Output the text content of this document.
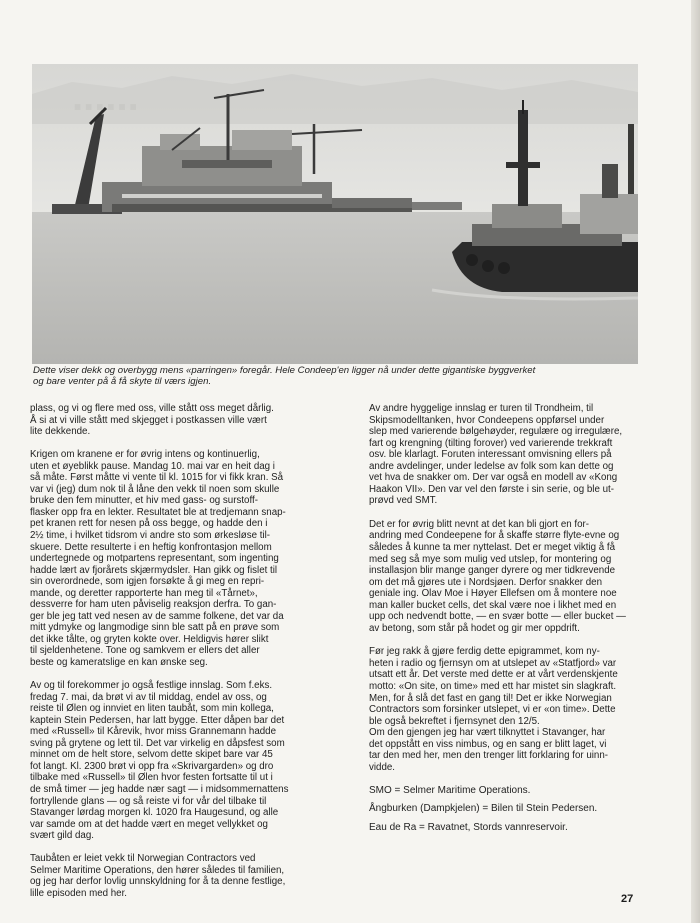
......

Dette viser dekk og overbygg mens «parringen» foregår. Hele Condeep'en ligger nå under dette gigantiske byggverket
og bare venter på å få skyte til værs igjen.

plass, og vi og flere med oss, ville stått oss meget dårlig.
Å si at vi ville stått med skjegget i postkassen ville vært
lite dekkende.

Krigen om kranene er for øvrig intens og kontinuerlig,
uten et øyeblikk pause. Mandag 10. mai var en heit dag i
så måte. Først måtte vi vente til kl. 1015 for vi fikk kran. Så
var vi (jeg) dum nok til å låne den vekk til noen som skulle
bruke den fem minutter, et hiv med gass- og surstoff-
flasker opp fra en lekter. Resultatet ble at tredjemann snap-
pet kranen rett for nesen på oss begge, og hadde den i
2½ time, i hvilket tidsrom vi andre sto som ørkesløse til-
skuere. Dette resulterte i en heftig konfrontasjon mellom
undertegnede og motpartens representant, som ingenting
hadde lært av fjorårets skjærmydsler. Han gikk og fislet til
sin overordnede, som igjen forsøkte å gi meg en repri-
mande, og deretter rapporterte han meg til «Tårnet»,
dessverre for ham uten påviselig reaksjon derfra. To gan-
ger ble jeg tatt ved nesen av de samme folkene, det var da
mitt ydmyke og langmodige sinn ble satt på en prøve som
det ikke tålte, og gryten kokte over. Heldigvis hører slikt
til sjeldenhetene. Tone og samkvem er ellers det aller
beste og kameratslige en kan ønske seg.

Av og til forekommer jo også festlige innslag. Som f.eks.
fredag 7. mai, da brøt vi av til middag, endel av oss, og
reiste til Ølen og innviet en liten taubåt, som min kollega,
kaptein Stein Pedersen, har latt bygge. Etter dåpen bar det
med «Russell» til Kårevik, hvor miss Grannemann hadde
sving på grytene og lett til. Det var virkelig en dåpsfest som
minnet om de helt store, selvom dette skipet bare var 45
fot langt. Kl. 2300 brøt vi opp fra «Skrivargarden» og dro
tilbake med «Russell» til Ølen hvor festen fortsatte til ut i
de små timer — jeg hadde nær sagt — i midsommernattens
fortryllende glans — og så reiste vi for vår del tilbake til
Stavanger lørdag morgen kl. 1020 fra Haugesund, og alle
var samde om at det hadde vært en meget vellykket og
svært gild dag.

Taubåten er leiet vekk til Norwegian Contractors ved
Selmer Maritime Operations, den hører således til familien,
og jeg har derfor lovlig unnskyldning for å ta denne festlige,
lille episoden med her.

Av andre hyggelige innslag er turen til Trondheim, til
Skipsmodelltanken, hvor Condeepens oppførsel under
slep med varierende bølgehøyder, regulære og irregulære,
fart og krengning (tilting forover) ved varierende trekkraft
osv. ble klarlagt. Foruten interessant omvisning ellers på
andre avdelinger, under ledelse av folk som kan dette og
vet hva de snakker om. Der var også en modell av «Kong
Haakon VII». Den var vel den første i sin serie, og ble ut-
prøvd ved SMT.

Det er for øvrig blitt nevnt at det kan bli gjort en for-
andring med Condeepene for å skaffe større flyte-evne og
således å kunne ta mer nyttelast. Det er meget viktig å få
med seg så mye som mulig ved utslep, for montering og
installasjon blir mange ganger dyrere og mer tidkrevende
om det må gjøres ute i Nordsjøen. Derfor snakker den
geniale ing. Olav Moe i Høyer Ellefsen om å montere noe
man kaller bucket cells, det skal være noe i likhet med en
upp och nedvendt botte, — en svær botte — eller bucket —
av betong, som står på hodet og gir mer oppdrift.

Før jeg rakk å gjøre ferdig dette epigrammet, kom ny-
heten i radio og fjernsyn om at utslepet av «Statfjord» var
utsatt ett år. Det verste med dette er at vårt verdenskjente
motto: «On site, on time» med ett har mistet sin slagkraft.
Men, for å slå det fast en gang til! Det er ikke Norwegian
Contractors som forsinker utslepet, vi er «on time». Dette
ble også bekreftet i fjernsynet den 12/5.
Om den gjengen jeg har vært tilknyttet i Stavanger, har
det oppstått en viss nimbus, og en sang er blitt laget, vi
tar den med her, men den trenger litt forklaring for uinn-
vidde.

SMO = Selmer Maritime Operations.
Ångburken (Dampkjelen) = Bilen til Stein Pedersen.
Eau de Ra = Ravatnet, Stords vannreservoir.
27
